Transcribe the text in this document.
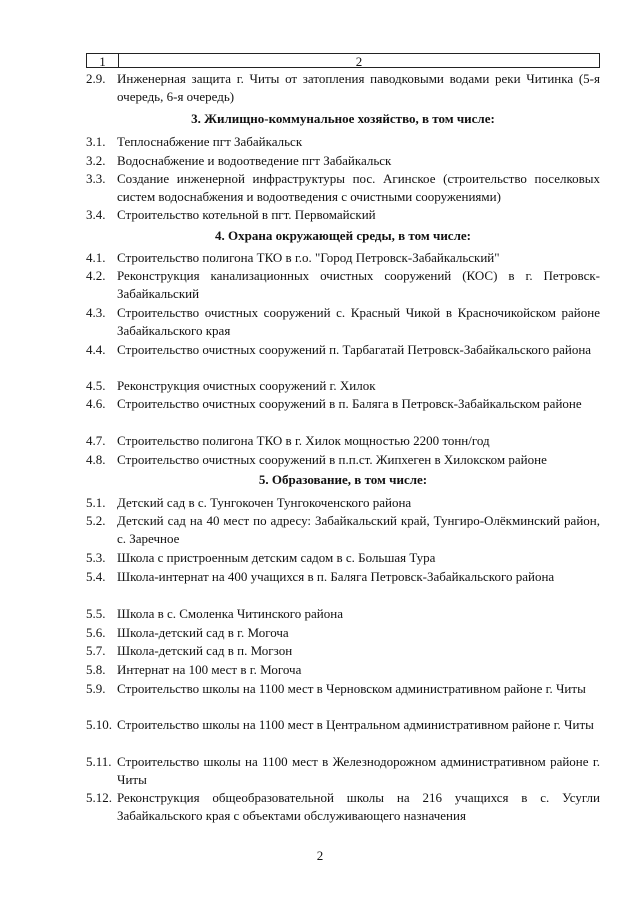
1	2
2.9. Инженерная защита г. Читы от затопления паводковыми водами реки Читинка (5-я очередь, 6-я очередь)
3. Жилищно-коммунальное хозяйство, в том числе:
3.1. Теплоснабжение пгт Забайкальск
3.2. Водоснабжение и водоотведение пгт Забайкальск
3.3. Создание инженерной инфраструктуры пос. Агинское (строительство поселковых систем водоснабжения и водоотведения с очистными сооружениями)
3.4. Строительство котельной в пгт. Первомайский
4. Охрана окружающей среды, в том числе:
4.1. Строительство полигона ТКО в г.о. "Город Петровск-Забайкальский"
4.2. Реконструкция канализационных очистных сооружений (КОС) в г. Петровск-Забайкальский
4.3. Строительство очистных сооружений с. Красный Чикой в Красночикойском районе Забайкальского края
4.4. Строительство очистных сооружений п. Тарбагатай Петровск-Забайкальского района
4.5. Реконструкция очистных сооружений г. Хилок
4.6. Строительство очистных сооружений в п. Баляга в Петровск-Забайкальском районе
4.7. Строительство полигона ТКО в г. Хилок мощностью 2200 тонн/год
4.8. Строительство очистных сооружений в п.п.ст. Жипхеген в Хилокском районе
5. Образование, в том числе:
5.1. Детский сад в с. Тунгокочен Тунгокоченского района
5.2. Детский сад на 40 мест по адресу: Забайкальский край, Тунгиро-Олёкминский район, с. Заречное
5.3. Школа с пристроенным детским садом в с. Большая Тура
5.4. Школа-интернат на 400 учащихся в п. Баляга Петровск-Забайкальского района
5.5. Школа в с. Смоленка Читинского района
5.6. Школа-детский сад в г. Могоча
5.7. Школа-детский сад в п. Могзон
5.8. Интернат на 100 мест в г. Могоча
5.9. Строительство школы на 1100 мест в Черновском административном районе г. Читы
5.10. Строительство школы на 1100 мест в Центральном административном районе г. Читы
5.11. Строительство школы на 1100 мест в Железнодорожном административном районе г. Читы
5.12. Реконструкция общеобразовательной школы на 216 учащихся в с. Усугли Забайкальского края с объектами обслуживающего назначения
2
